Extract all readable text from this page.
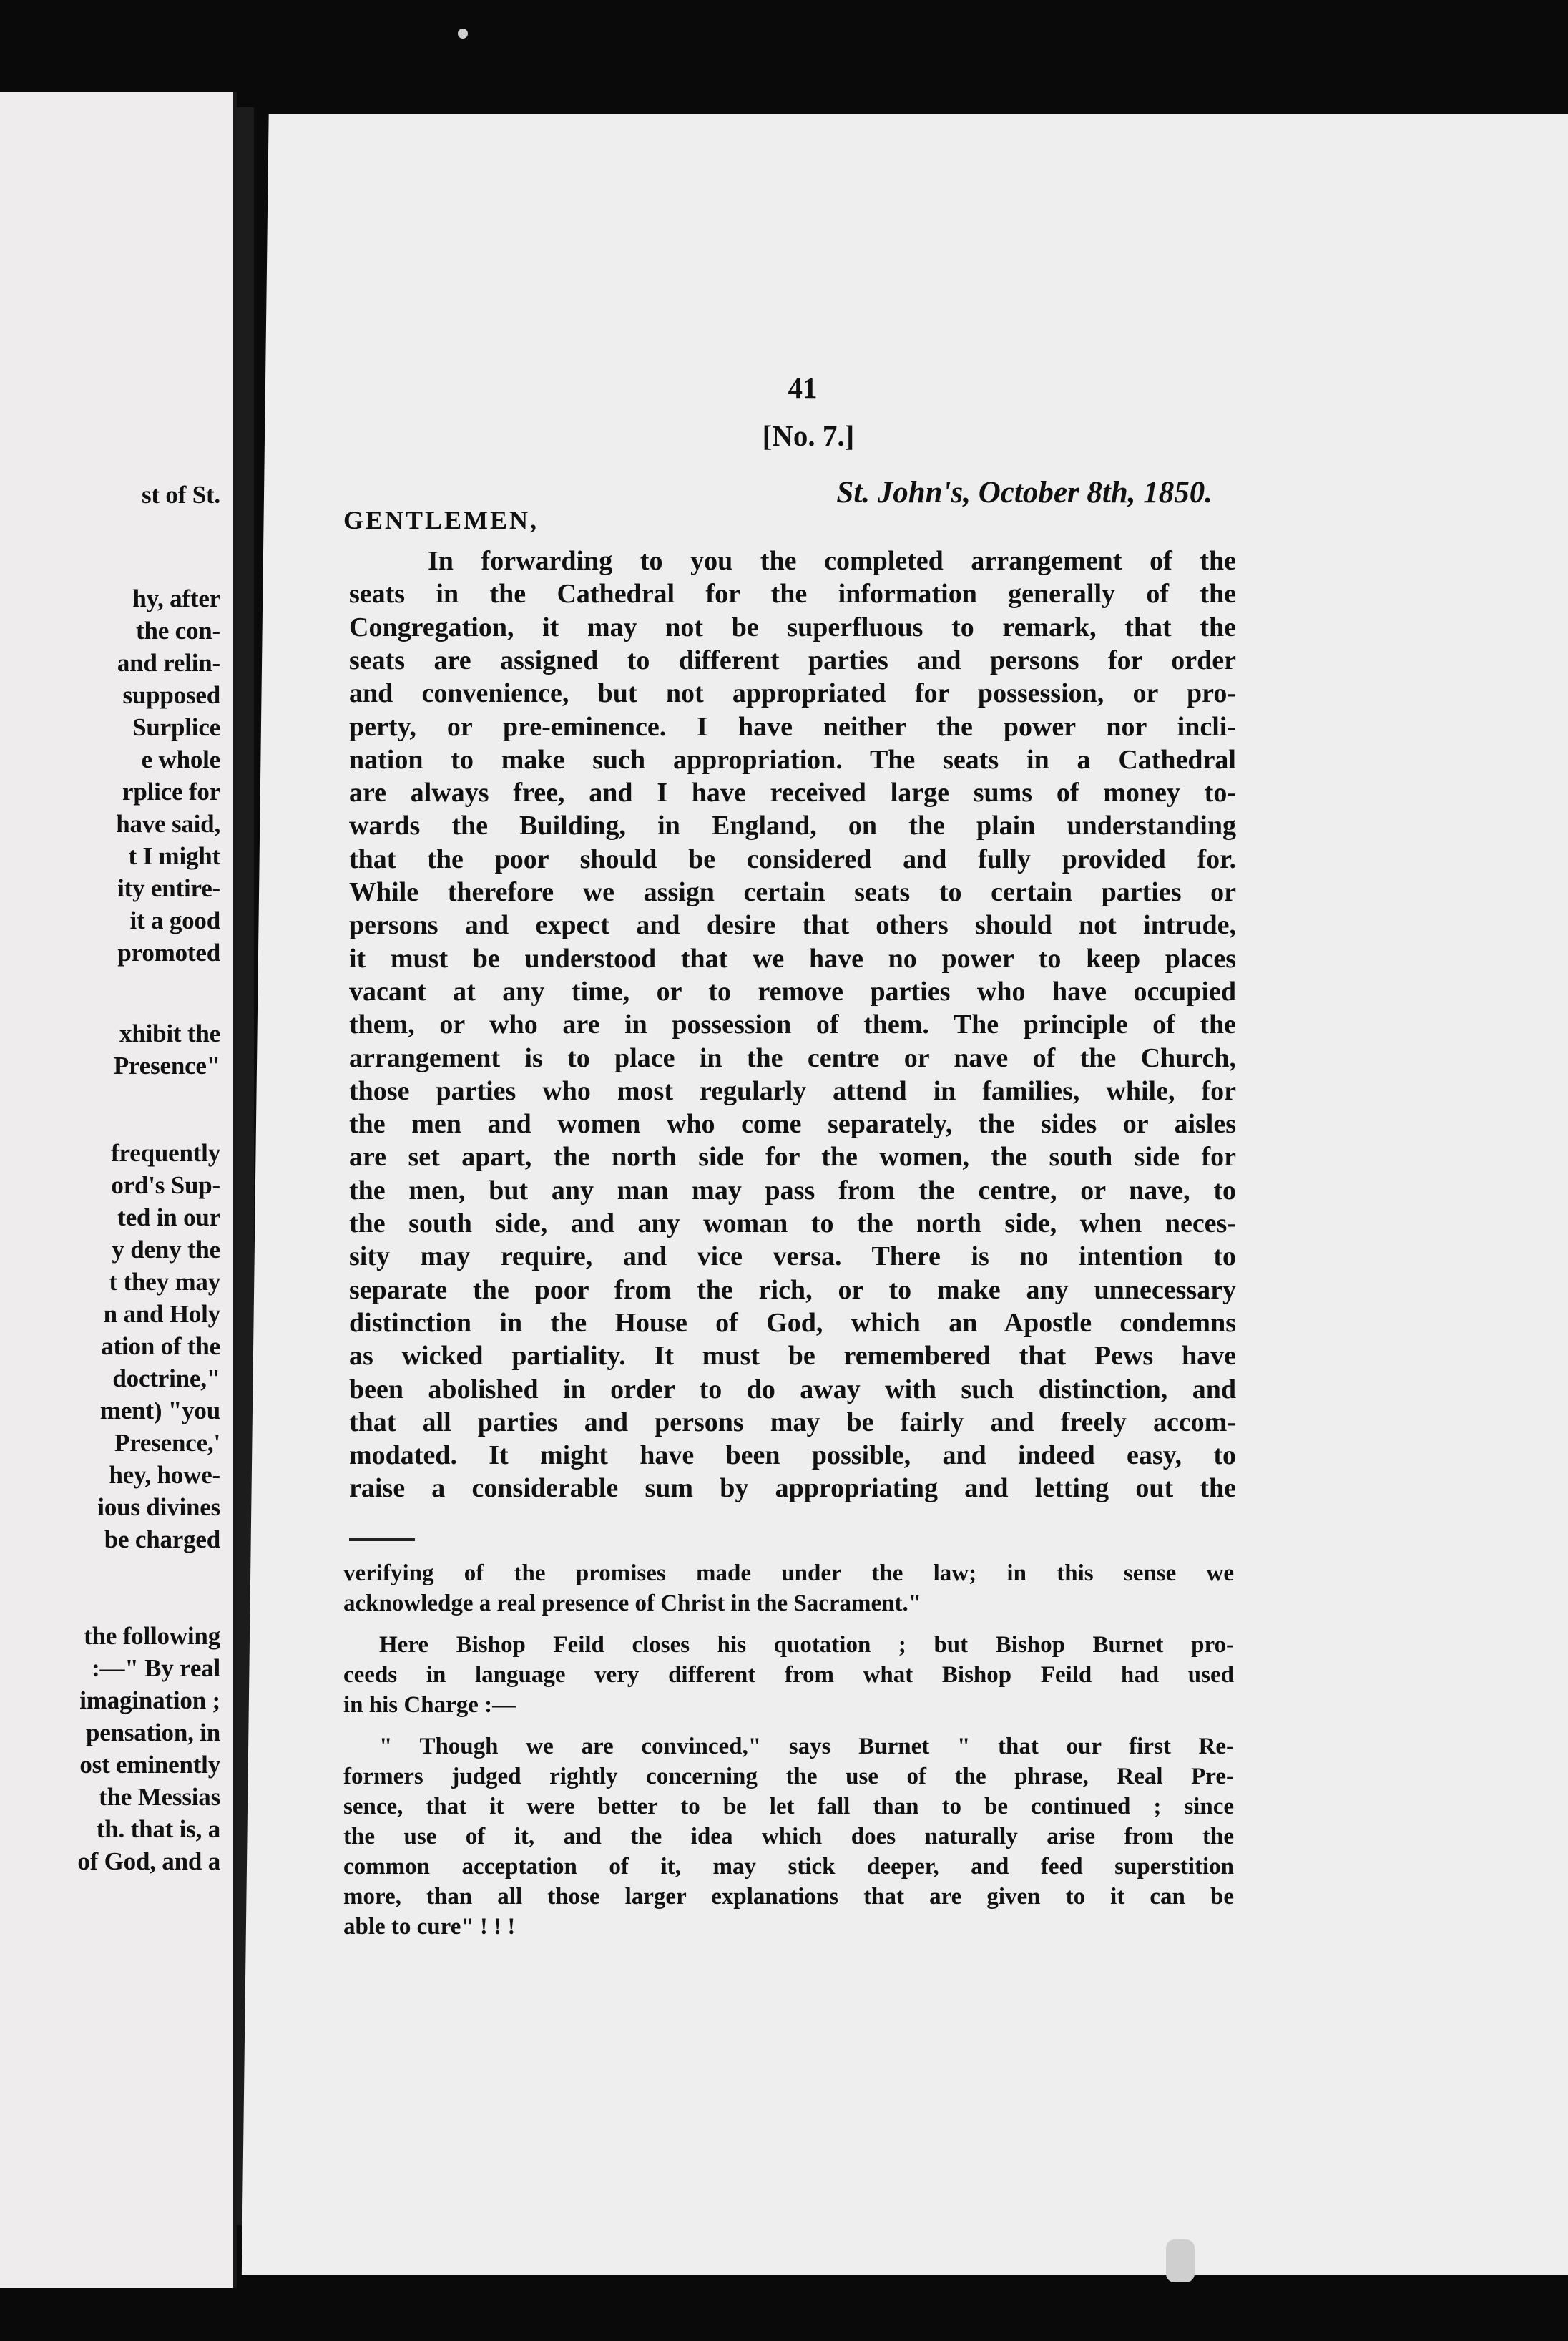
st of St.
hy, after
the con-
and relin-
supposed
Surplice
e whole
rplice for
have said,
t I might
ity entire-
it a good
promoted
xhibit the
Presence"
frequently
ord's Sup-
ted in our
y deny the
t they may
n and Holy
ation of the
doctrine,"
ment) "you
Presence,'
hey, howe-
ious divines
be charged
the following
:—" By real
imagination ;
pensation, in
ost eminently
the Messias
th. that is, a
of God, and a
41
[No. 7.]
St. John's, October 8th, 1850.
GENTLEMEN,
In forwarding to you the completed arrangement of the
seats in the Cathedral for the information generally of the
Congregation, it may not be superfluous to remark, that the
seats are assigned to different parties and persons for order
and convenience, but not appropriated for possession, or pro-
perty, or pre-eminence. I have neither the power nor incli-
nation to make such appropriation. The seats in a Cathedral
are always free, and I have received large sums of money to-
wards the Building, in England, on the plain understanding
that the poor should be considered and fully provided for.
While therefore we assign certain seats to certain parties or
persons and expect and desire that others should not intrude,
it must be understood that we have no power to keep places
vacant at any time, or to remove parties who have occupied
them, or who are in possession of them. The principle of the
arrangement is to place in the centre or nave of the Church,
those parties who most regularly attend in families, while, for
the men and women who come separately, the sides or aisles
are set apart, the north side for the women, the south side for
the men, but any man may pass from the centre, or nave, to
the south side, and any woman to the north side, when neces-
sity may require, and vice versa. There is no intention to
separate the poor from the rich, or to make any unnecessary
distinction in the House of God, which an Apostle condemns
as wicked partiality. It must be remembered that Pews have
been abolished in order to do away with such distinction, and
that all parties and persons may be fairly and freely accom-
modated. It might have been possible, and indeed easy, to
raise a considerable sum by appropriating and letting out the
verifying of the promises made under the law; in this sense we
acknowledge a real presence of Christ in the Sacrament."
Here Bishop Feild closes his quotation ; but Bishop Burnet pro-
ceeds in language very different from what Bishop Feild had used
in his Charge :—
" Though we are convinced," says Burnet " that our first Re-
formers judged rightly concerning the use of the phrase, Real Pre-
sence, that it were better to be let fall than to be continued ; since
the use of it, and the idea which does naturally arise from the
common acceptation of it, may stick deeper, and feed superstition
more, than all those larger explanations that are given to it can be
able to cure" ! ! !
